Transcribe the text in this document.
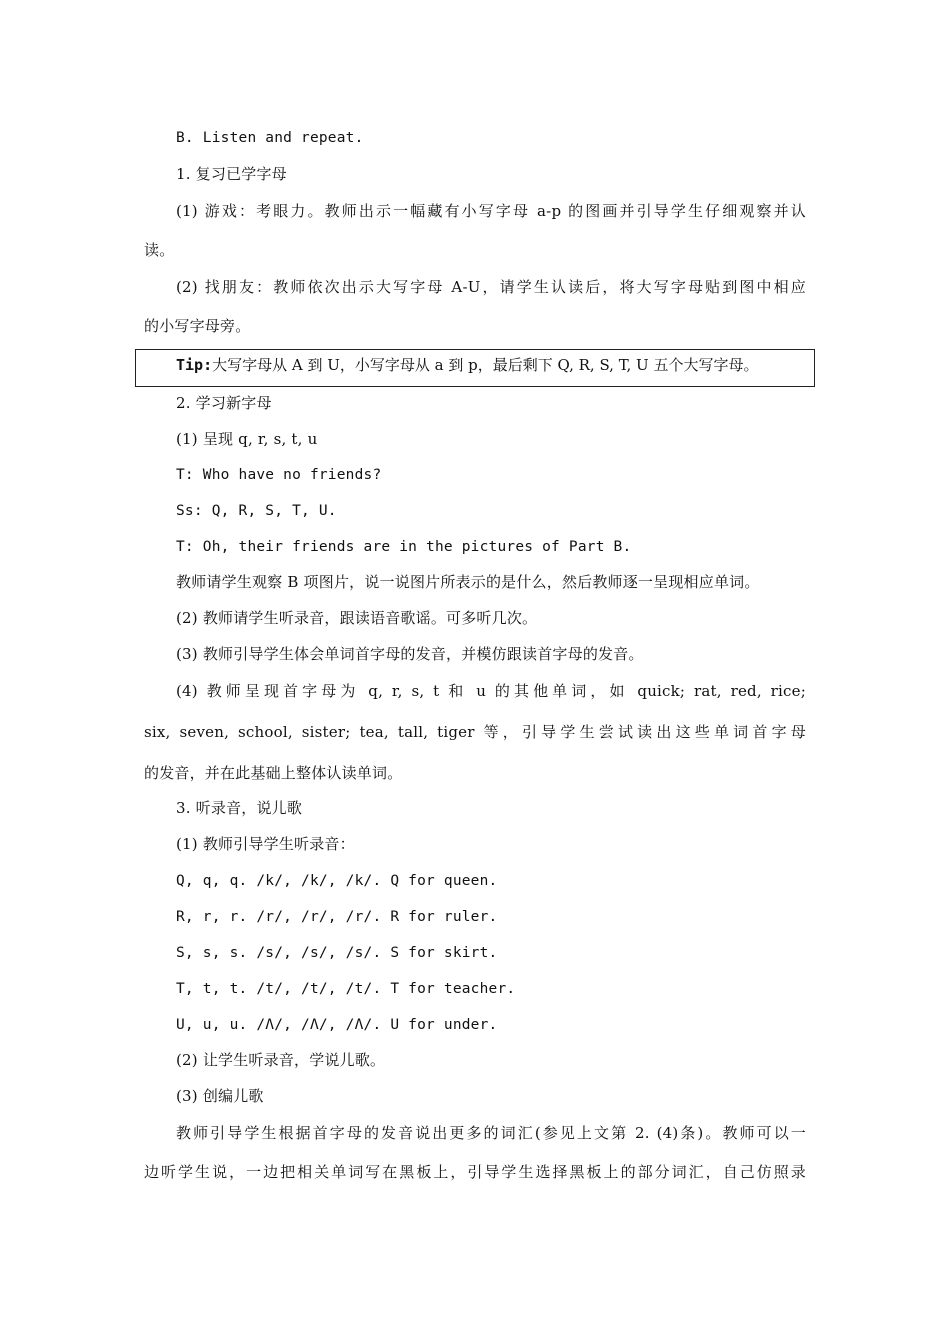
B. Listen and repeat.
1. 复习已学字母
(1) 游戏：考眼力。教师出示一幅藏有小写字母 a-p 的图画并引导学生仔细观察并认
读。
(2) 找朋友：教师依次出示大写字母 A-U，请学生认读后，将大写字母贴到图中相应
的小写字母旁。
Tip:大写字母从 A 到 U，小写字母从 a 到 p，最后剩下 Q, R, S, T, U 五个大写字母。
2. 学习新字母
(1) 呈现 q, r, s, t, u
T: Who have no friends?
Ss: Q, R, S, T, U.
T: Oh, their friends are in the pictures of Part B.
教师请学生观察 B 项图片，说一说图片所表示的是什么，然后教师逐一呈现相应单词。
(2) 教师请学生听录音，跟读语音歌谣。可多听几次。
(3) 教师引导学生体会单词首字母的发音，并模仿跟读首字母的发音。
(4) 教师呈现首字母为 q, r, s, t 和 u 的其他单词，如 quick; rat, red, rice;
six, seven, school, sister; tea, tall, tiger 等，引导学生尝试读出这些单词首字母
的发音，并在此基础上整体认读单词。
3. 听录音，说儿歌
(1) 教师引导学生听录音：
Q, q, q. /k/, /k/, /k/. Q for queen.
R, r, r. /r/, /r/, /r/. R for ruler.
S, s, s. /s/, /s/, /s/. S for skirt.
T, t, t. /t/, /t/, /t/. T for teacher.
U, u, u. /Λ/, /Λ/, /Λ/. U for under.
(2) 让学生听录音，学说儿歌。
(3) 创编儿歌
教师引导学生根据首字母的发音说出更多的词汇(参见上文第 2. (4)条)。教师可以一
边听学生说，一边把相关单词写在黑板上，引导学生选择黑板上的部分词汇，自己仿照录
